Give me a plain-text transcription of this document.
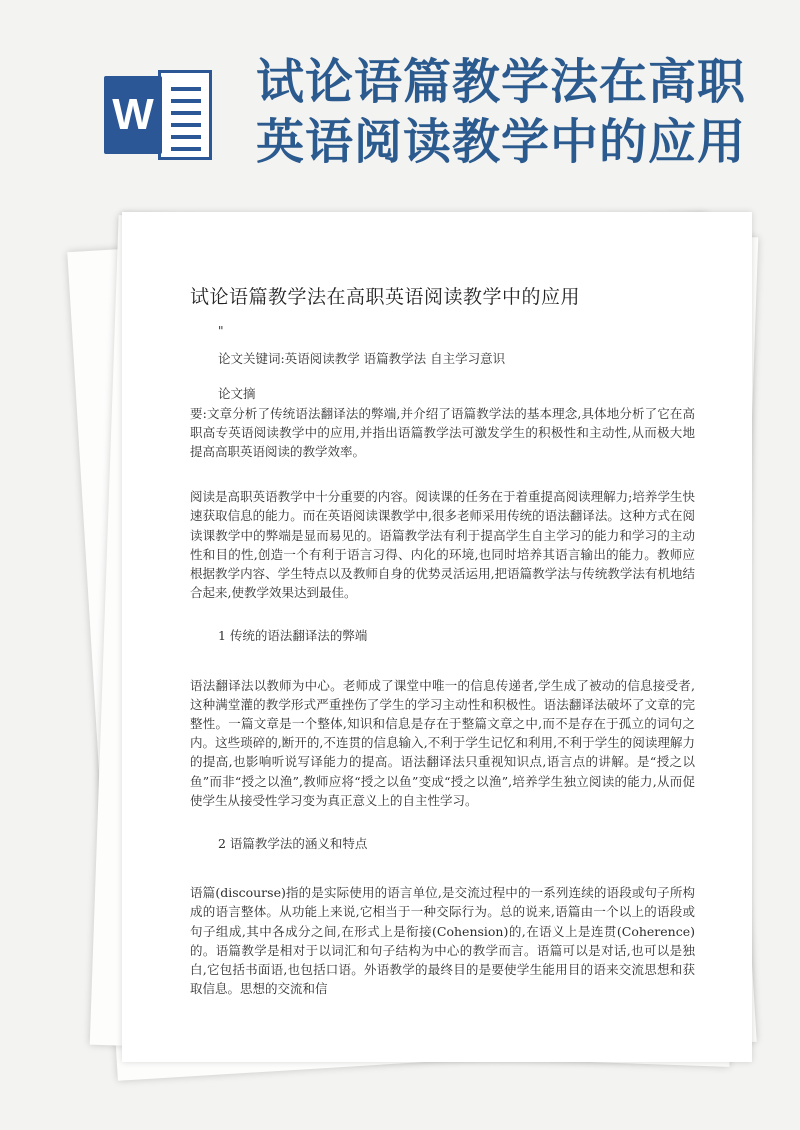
W
试论语篇教学法在高职
英语阅读教学中的应用
试论语篇教学法在高职英语阅读教学中的应用
"
论文关键词:英语阅读教学 语篇教学法 自主学习意识
论文摘
要:文章分析了传统语法翻译法的弊端,并介绍了语篇教学法的基本理念,具体地分析了它在高职高专英语阅读教学中的应用,并指出语篇教学法可激发学生的积极性和主动性,从而极大地提高高职英语阅读的教学效率。
阅读是高职英语教学中十分重要的内容。阅读课的任务在于着重提高阅读理解力;培养学生快速获取信息的能力。而在英语阅读课教学中,很多老师采用传统的语法翻译法。这种方式在阅读课教学中的弊端是显而易见的。语篇教学法有利于提高学生自主学习的能力和学习的主动性和目的性,创造一个有利于语言习得、内化的环境,也同时培养其语言输出的能力。教师应根据教学内容、学生特点以及教师自身的优势灵活运用,把语篇教学法与传统教学法有机地结合起来,使教学效果达到最佳。
1 传统的语法翻译法的弊端
语法翻译法以教师为中心。老师成了课堂中唯一的信息传递者,学生成了被动的信息接受者,这种满堂灌的教学形式严重挫伤了学生的学习主动性和积极性。语法翻译法破坏了文章的完整性。一篇文章是一个整体,知识和信息是存在于整篇文章之中,而不是存在于孤立的词句之内。这些琐碎的,断开的,不连贯的信息输入,不利于学生记忆和利用,不利于学生的阅读理解力的提高,也影响听说写译能力的提高。语法翻译法只重视知识点,语言点的讲解。是“授之以鱼”而非“授之以渔”,教师应将“授之以鱼”变成“授之以渔”,培养学生独立阅读的能力,从而促使学生从接受性学习变为真正意义上的自主性学习。
2 语篇教学法的涵义和特点
语篇(discourse)指的是实际使用的语言单位,是交流过程中的一系列连续的语段或句子所构成的语言整体。从功能上来说,它相当于一种交际行为。总的说来,语篇由一个以上的语段或句子组成,其中各成分之间,在形式上是衔接(Cohension)的,在语义上是连贯(Coherence)的。语篇教学是相对于以词汇和句子结构为中心的教学而言。语篇可以是对话,也可以是独白,它包括书面语,也包括口语。外语教学的最终目的是要使学生能用目的语来交流思想和获取信息。思想的交流和信
